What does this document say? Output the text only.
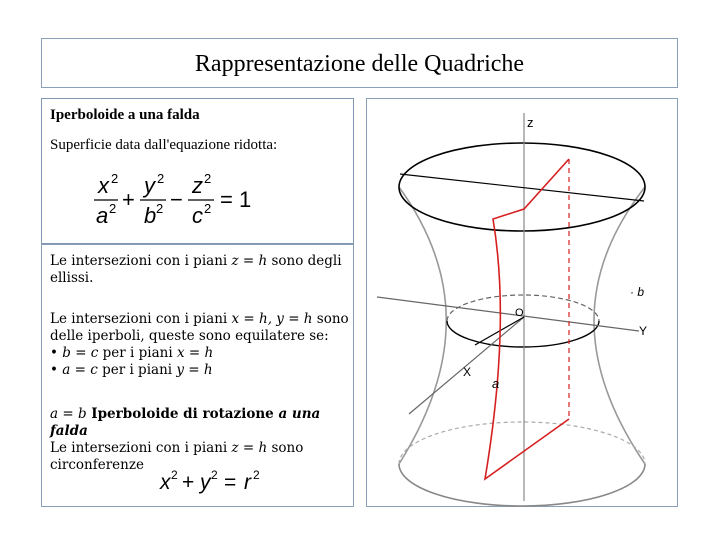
Rappresentazione delle Quadriche
Iperboloide a una falda
Superficie data dall'equazione ridotta:
x 2
a 2 +
y 2
b 2 −
z 2
c 2 = 1
Le intersezioni con i piani z = h sono degli ellissi.
Le intersezioni con i piani x = h, y = h sono delle iperboli, queste sono equilatere se:
• b = c per i piani x = h
• a = c per i piani y = h
a = b Iperboloide di rotazione a una falda
Le intersezioni con i piani z = h sono circonferenze
x 2 + y 2 = r 2
z
Y
X
O
· b
a
